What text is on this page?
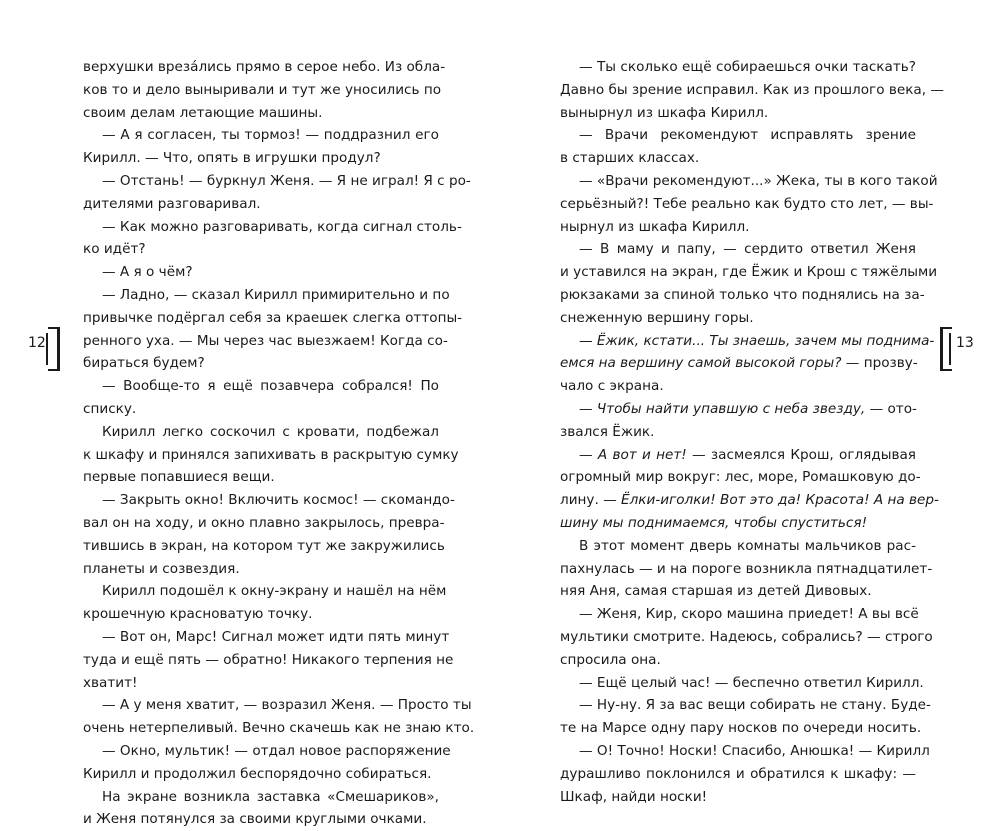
верхушки врезáлись прямо в серое небо. Из обла-
ков то и дело выныривали и тут же уносились по
своим делам летающие машины.
— А я согласен, ты тормоз! — поддразнил его
Кирилл. — Что, опять в игрушки продул?
— Отстань! — буркнул Женя. — Я не играл! Я с ро-
дителями разговаривал.
— Как можно разговаривать, когда сигнал столь-
ко идёт?
— А я о чём?
— Ладно, — сказал Кирилл примирительно и по
привычке подёргал себя за краешек слегка оттопы-
ренного уха. — Мы через час выезжаем! Когда со-
бираться будем?
— Вообще-то я ещё позавчера собрался! По
списку.
Кирилл легко соскочил с кровати, подбежал
к шкафу и принялся запихивать в раскрытую сумку
первые попавшиеся вещи.
— Закрыть окно! Включить космос! — скомандо-
вал он на ходу, и окно плавно закрылось, превра-
тившись в экран, на котором тут же закружились
планеты и созвездия.
Кирилл подошёл к окну-экрану и нашёл на нём
крошечную красноватую точку.
— Вот он, Марс! Сигнал может идти пять минут
туда и ещё пять — обратно! Никакого терпения не
хватит!
— А у меня хватит, — возразил Женя. — Просто ты
очень нетерпеливый. Вечно скачешь как не знаю кто.
— Окно, мультик! — отдал новое распоряжение
Кирилл и продолжил беспорядочно собираться.
На экране возникла заставка «Смешариков»,
и Женя потянулся за своими круглыми очками.
— Ты сколько ещё собираешься очки таскать?
Давно бы зрение исправил. Как из прошлого века, —
вынырнул из шкафа Кирилл.
— Врачи рекомендуют исправлять зрение
в старших классах.
— «Врачи рекомендуют...» Жека, ты в кого такой
серьёзный?! Тебе реально как будто сто лет, — вы-
нырнул из шкафа Кирилл.
— В маму и папу, — сердито ответил Женя
и уставился на экран, где Ёжик и Крош с тяжёлыми
рюкзаками за спиной только что поднялись на за-
снеженную вершину горы.
— Ёжик, кстати... Ты знаешь, зачем мы поднима-
емся на вершину самой высокой горы? — прозву-
чало с экрана.
— Чтобы найти упавшую с неба звезду, — ото-
звался Ёжик.
— А вот и нет! — засмеялся Крош, оглядывая
огромный мир вокруг: лес, море, Ромашковую до-
лину. — Ёлки-иголки! Вот это да! Красота! А на вер-
шину мы поднимаемся, чтобы спуститься!
В этот момент дверь комнаты мальчиков рас-
пахнулась — и на пороге возникла пятнадцатилет-
няя Аня, самая старшая из детей Дивовых.
— Женя, Кир, скоро машина приедет! А вы всё
мультики смотрите. Надеюсь, собрались? — строго
спросила она.
— Ещё целый час! — беспечно ответил Кирилл.
— Ну-ну. Я за вас вещи собирать не стану. Буде-
те на Марсе одну пару носков по очереди носить.
— О! Точно! Носки! Спасибо, Анюшка! — Кирилл
дурашливо поклонился и обратился к шкафу: —
Шкаф, найди носки!
12	13
